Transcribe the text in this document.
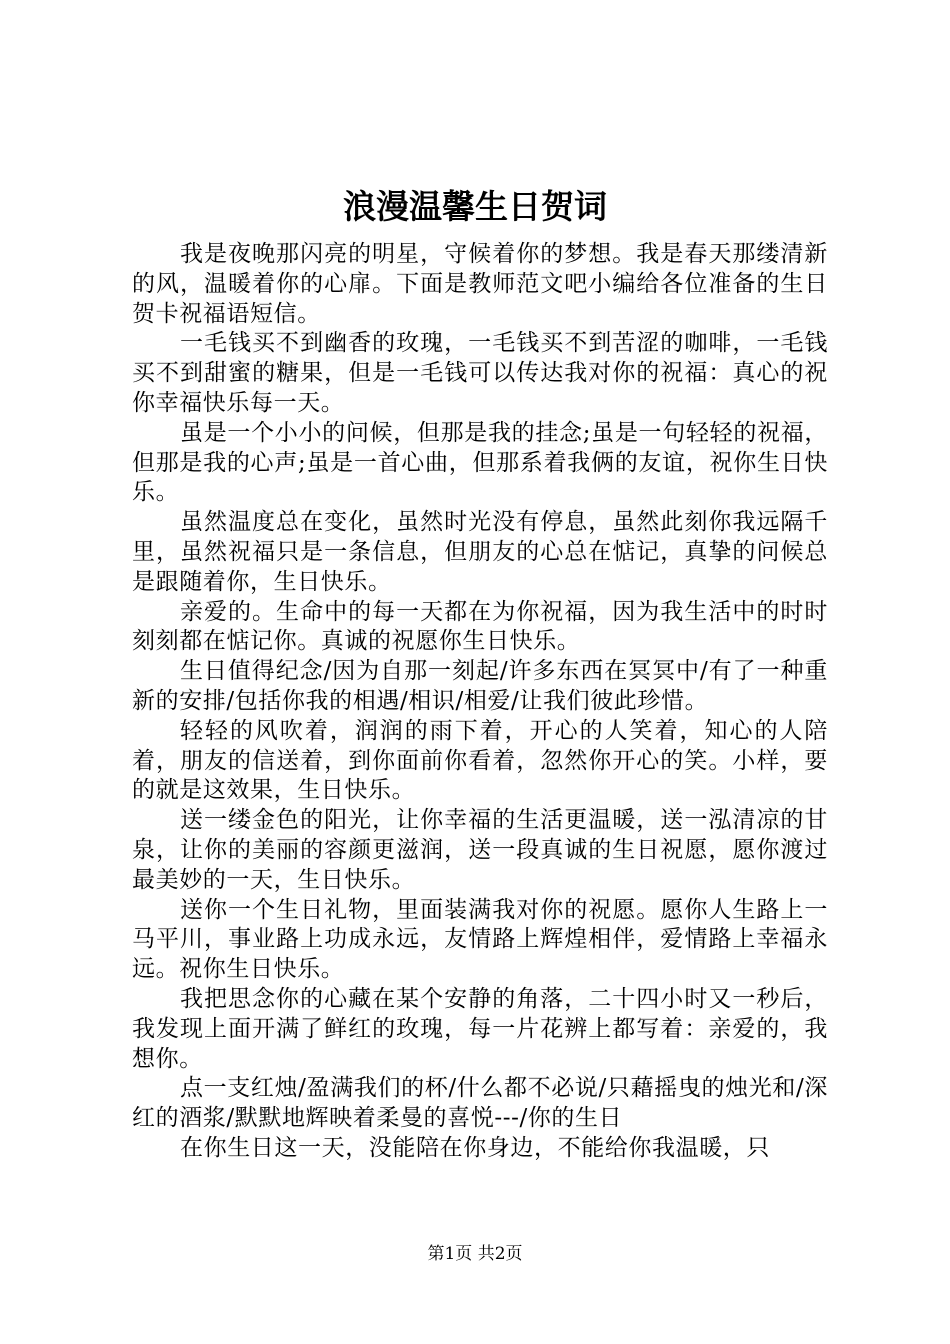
浪漫温馨生日贺词

我是夜晚那闪亮的明星，守候着你的梦想。我是春天那缕清新的风，温暖着你的心扉。下面是教师范文吧小编给各位准备的生日贺卡祝福语短信。

一毛钱买不到幽香的玫瑰，一毛钱买不到苦涩的咖啡，一毛钱买不到甜蜜的糖果，但是一毛钱可以传达我对你的祝福：真心的祝你幸福快乐每一天。

虽是一个小小的问候，但那是我的挂念;虽是一句轻轻的祝福，但那是我的心声;虽是一首心曲，但那系着我俩的友谊，祝你生日快乐。

虽然温度总在变化，虽然时光没有停息，虽然此刻你我远隔千里，虽然祝福只是一条信息，但朋友的心总在惦记，真挚的问候总是跟随着你，生日快乐。

亲爱的。生命中的每一天都在为你祝福，因为我生活中的时时刻刻都在惦记你。真诚的祝愿你生日快乐。

生日值得纪念/因为自那一刻起/许多东西在冥冥中/有了一种重新的安排/包括你我的相遇/相识/相爱/让我们彼此珍惜。

轻轻的风吹着，润润的雨下着，开心的人笑着，知心的人陪着，朋友的信送着，到你面前你看着，忽然你开心的笑。小样，要的就是这效果，生日快乐。

送一缕金色的阳光，让你幸福的生活更温暖，送一泓清凉的甘泉，让你的美丽的容颜更滋润，送一段真诚的生日祝愿，愿你渡过最美妙的一天，生日快乐。

送你一个生日礼物，里面装满我对你的祝愿。愿你人生路上一马平川，事业路上功成永远，友情路上辉煌相伴，爱情路上幸福永远。祝你生日快乐。

我把思念你的心藏在某个安静的角落，二十四小时又一秒后，我发现上面开满了鲜红的玫瑰，每一片花辨上都写着：亲爱的，我想你。

点一支红烛/盈满我们的杯/什么都不必说/只藉摇曳的烛光和/深红的酒浆/默默地辉映着柔曼的喜悦---/你的生日

在你生日这一天，没能陪在你身边，不能给你我温暖，只

第1页 共2页
